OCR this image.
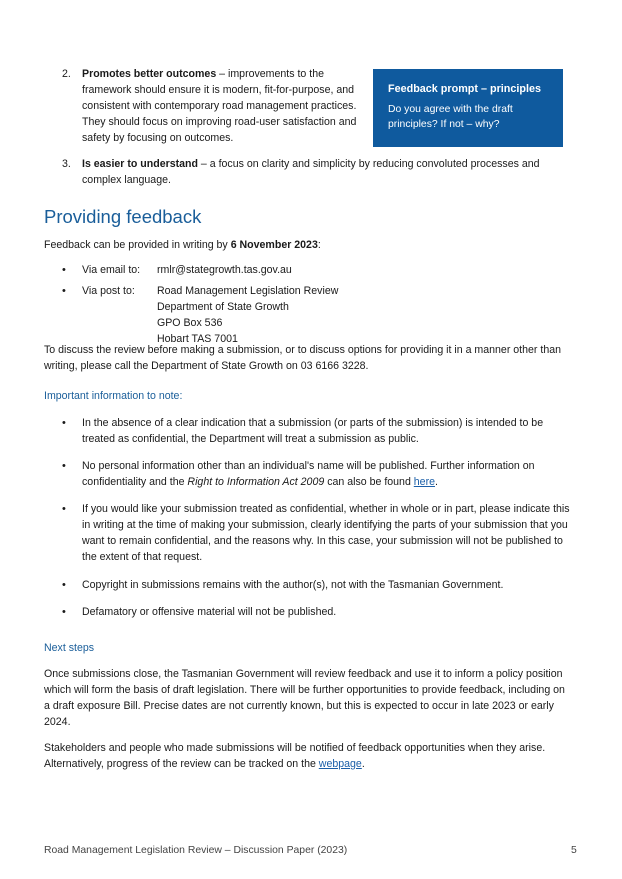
2. Promotes better outcomes – improvements to the
framework should ensure it is modern, fit-for-purpose, and
consistent with contemporary road management practices.
They should focus on improving road-user satisfaction and
safety by focusing on outcomes.
Feedback prompt – principles
Do you agree with the draft
principles? If not – why?
3. Is easier to understand – a focus on clarity and simplicity by reducing convoluted processes and
complex language.
Providing feedback
Feedback can be provided in writing by 6 November 2023:
• Via email to: rmlr@stategrowth.tas.gov.au
• Via post to: Road Management Legislation Review
Department of State Growth
GPO Box 536
Hobart TAS 7001
To discuss the review before making a submission, or to discuss options for providing it in a manner other than
writing, please call the Department of State Growth on 03 6166 3228.
Important information to note:
• In the absence of a clear indication that a submission (or parts of the submission) is intended to be
treated as confidential, the Department will treat a submission as public.
• No personal information other than an individual's name will be published. Further information on
confidentiality and the Right to Information Act 2009 can also be found here.
• If you would like your submission treated as confidential, whether in whole or in part, please indicate this
in writing at the time of making your submission, clearly identifying the parts of your submission that you
want to remain confidential, and the reasons why. In this case, your submission will not be published to
the extent of that request.
• Copyright in submissions remains with the author(s), not with the Tasmanian Government.
• Defamatory or offensive material will not be published.
Next steps
Once submissions close, the Tasmanian Government will review feedback and use it to inform a policy position
which will form the basis of draft legislation. There will be further opportunities to provide feedback, including on
a draft exposure Bill. Precise dates are not currently known, but this is expected to occur in late 2023 or early
2024.
Stakeholders and people who made submissions will be notified of feedback opportunities when they arise.
Alternatively, progress of the review can be tracked on the webpage.
Road Management Legislation Review – Discussion Paper (2023)	5
